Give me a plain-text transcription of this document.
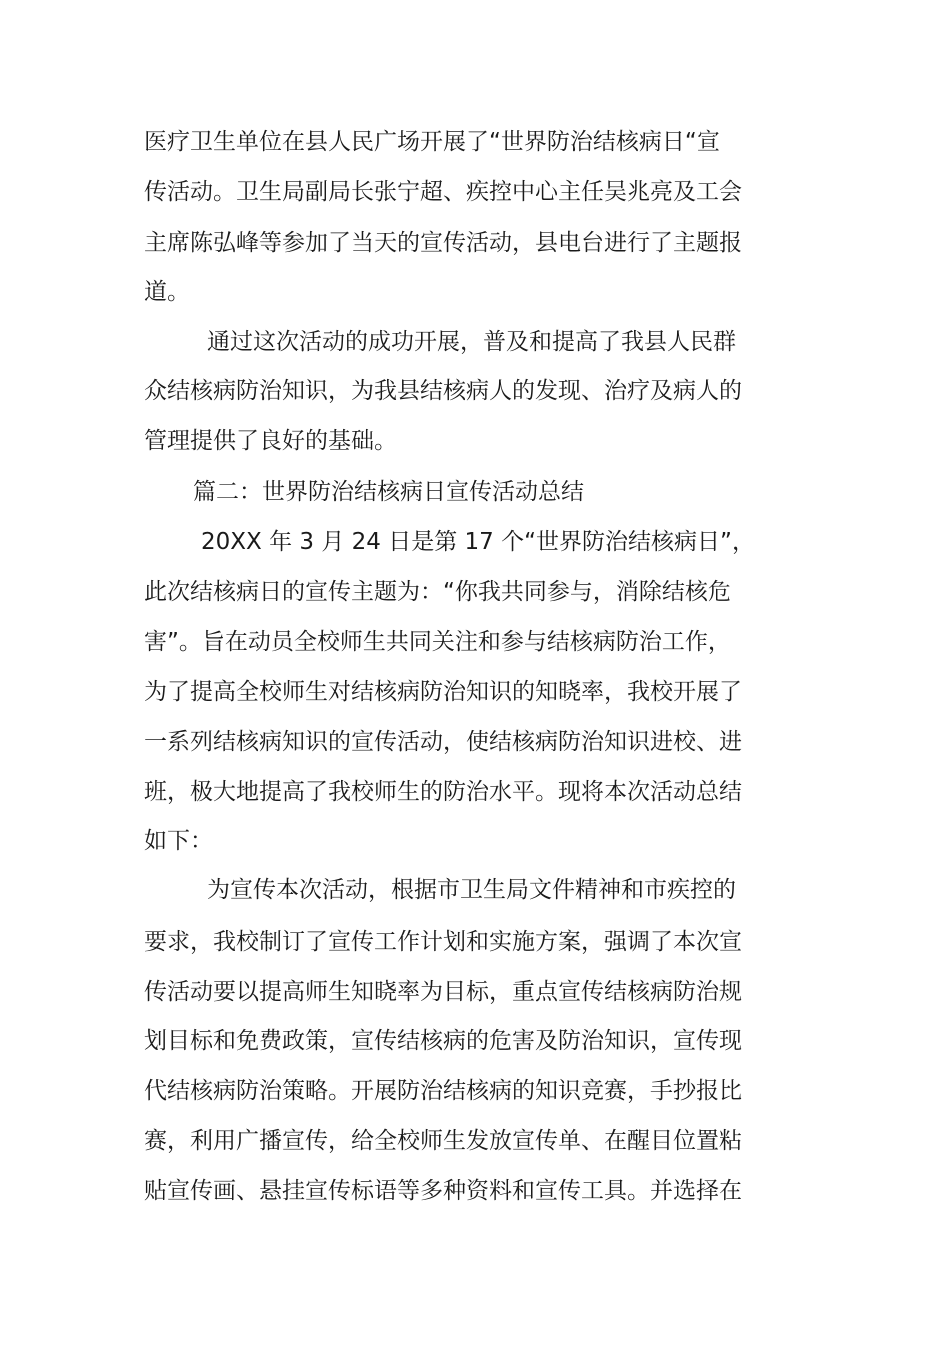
医疗卫生单位在县人民广场开展了“世界防治结核病日“宣
传活动。卫生局副局长张宁超、疾控中心主任吴兆亮及工会
主席陈弘峰等参加了当天的宣传活动，县电台进行了主题报
道。
通过这次活动的成功开展，普及和提高了我县人民群
众结核病防治知识，为我县结核病人的发现、治疗及病人的
管理提供了良好的基础。
篇二：世界防治结核病日宣传活动总结
20XX 年 3 月 24 日是第 17 个“世界防治结核病日”，
此次结核病日的宣传主题为：“你我共同参与，消除结核危
害”。旨在动员全校师生共同关注和参与结核病防治工作，
为了提高全校师生对结核病防治知识的知晓率，我校开展了
一系列结核病知识的宣传活动，使结核病防治知识进校、进
班，极大地提高了我校师生的防治水平。现将本次活动总结
如下：
为宣传本次活动，根据市卫生局文件精神和市疾控的
要求，我校制订了宣传工作计划和实施方案，强调了本次宣
传活动要以提高师生知晓率为目标，重点宣传结核病防治规
划目标和免费政策，宣传结核病的危害及防治知识，宣传现
代结核病防治策略。开展防治结核病的知识竞赛，手抄报比
赛，利用广播宣传，给全校师生发放宣传单、在醒目位置粘
贴宣传画、悬挂宣传标语等多种资料和宣传工具。并选择在
